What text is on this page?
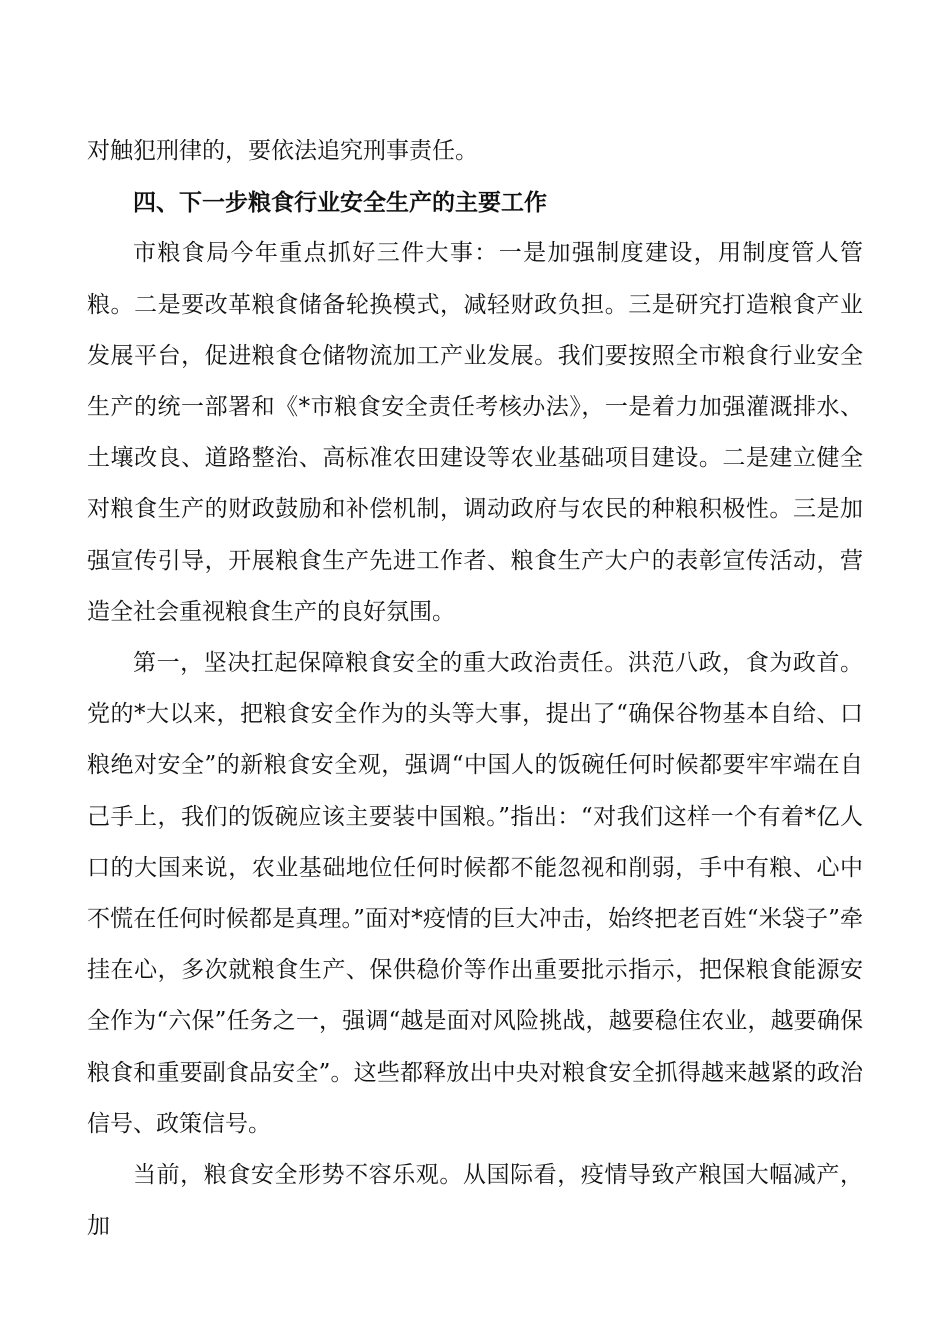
对触犯刑律的，要依法追究刑事责任。

四、下一步粮食行业安全生产的主要工作

市粮食局今年重点抓好三件大事：一是加强制度建设，用制度管人管粮。二是要改革粮食储备轮换模式，减轻财政负担。三是研究打造粮食产业发展平台，促进粮食仓储物流加工产业发展。我们要按照全市粮食行业安全生产的统一部署和《*市粮食安全责任考核办法》，一是着力加强灌溉排水、土壤改良、道路整治、高标准农田建设等农业基础项目建设。二是建立健全对粮食生产的财政鼓励和补偿机制，调动政府与农民的种粮积极性。三是加强宣传引导，开展粮食生产先进工作者、粮食生产大户的表彰宣传活动，营造全社会重视粮食生产的良好氛围。

第一，坚决扛起保障粮食安全的重大政治责任。洪范八政，食为政首。党的*大以来，把粮食安全作为的头等大事，提出了“确保谷物基本自给、口粮绝对安全”的新粮食安全观，强调“中国人的饭碗任何时候都要牢牢端在自己手上，我们的饭碗应该主要装中国粮。”指出：“对我们这样一个有着*亿人口的大国来说，农业基础地位任何时候都不能忽视和削弱，手中有粮、心中不慌在任何时候都是真理。”面对*疫情的巨大冲击，始终把老百姓“米袋子”牵挂在心，多次就粮食生产、保供稳价等作出重要批示指示，把保粮食能源安全作为“六保”任务之一，强调“越是面对风险挑战，越要稳住农业，越要确保粮食和重要副食品安全”。这些都释放出中央对粮食安全抓得越来越紧的政治信号、政策信号。

当前，粮食安全形势不容乐观。从国际看，疫情导致产粮国大幅减产，加
